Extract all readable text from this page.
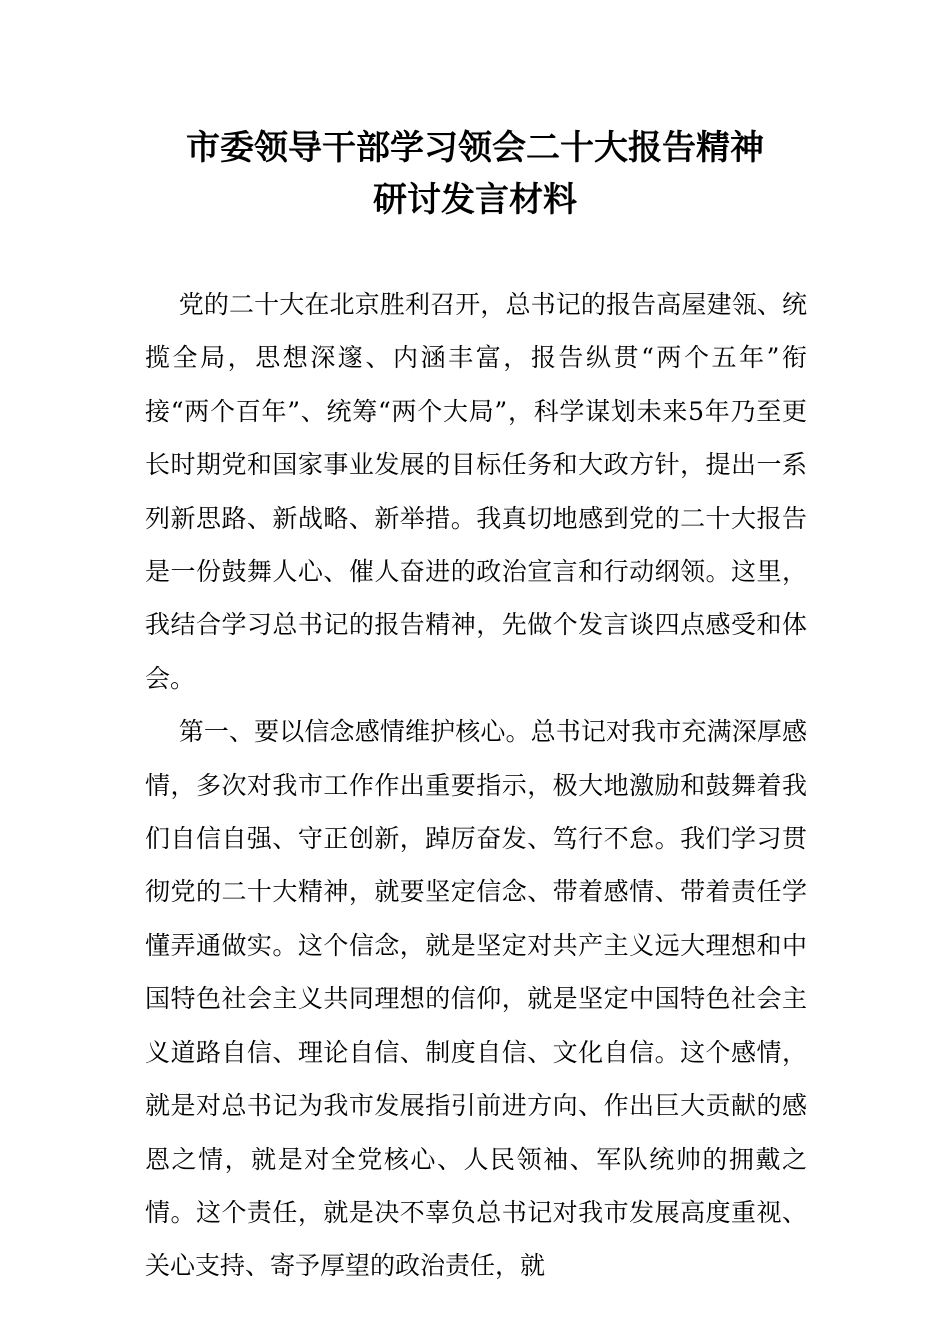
市委领导干部学习领会二十大报告精神
研讨发言材料

党的二十大在北京胜利召开，总书记的报告高屋建瓴、统揽全局，思想深邃、内涵丰富，报告纵贯“两个五年”衔接“两个百年”、统筹“两个大局”，科学谋划未来5年乃至更长时期党和国家事业发展的目标任务和大政方针，提出一系列新思路、新战略、新举措。我真切地感到党的二十大报告是一份鼓舞人心、催人奋进的政治宣言和行动纲领。这里，我结合学习总书记的报告精神，先做个发言谈四点感受和体会。

第一、要以信念感情维护核心。总书记对我市充满深厚感情，多次对我市工作作出重要指示，极大地激励和鼓舞着我们自信自强、守正创新，踔厉奋发、笃行不怠。我们学习贯彻党的二十大精神，就要坚定信念、带着感情、带着责任学懂弄通做实。这个信念，就是坚定对共产主义远大理想和中国特色社会主义共同理想的信仰，就是坚定中国特色社会主义道路自信、理论自信、制度自信、文化自信。这个感情，就是对总书记为我市发展指引前进方向、作出巨大贡献的感恩之情，就是对全党核心、人民领袖、军队统帅的拥戴之情。这个责任，就是决不辜负总书记对我市发展高度重视、关心支持、寄予厚望的政治责任，就
